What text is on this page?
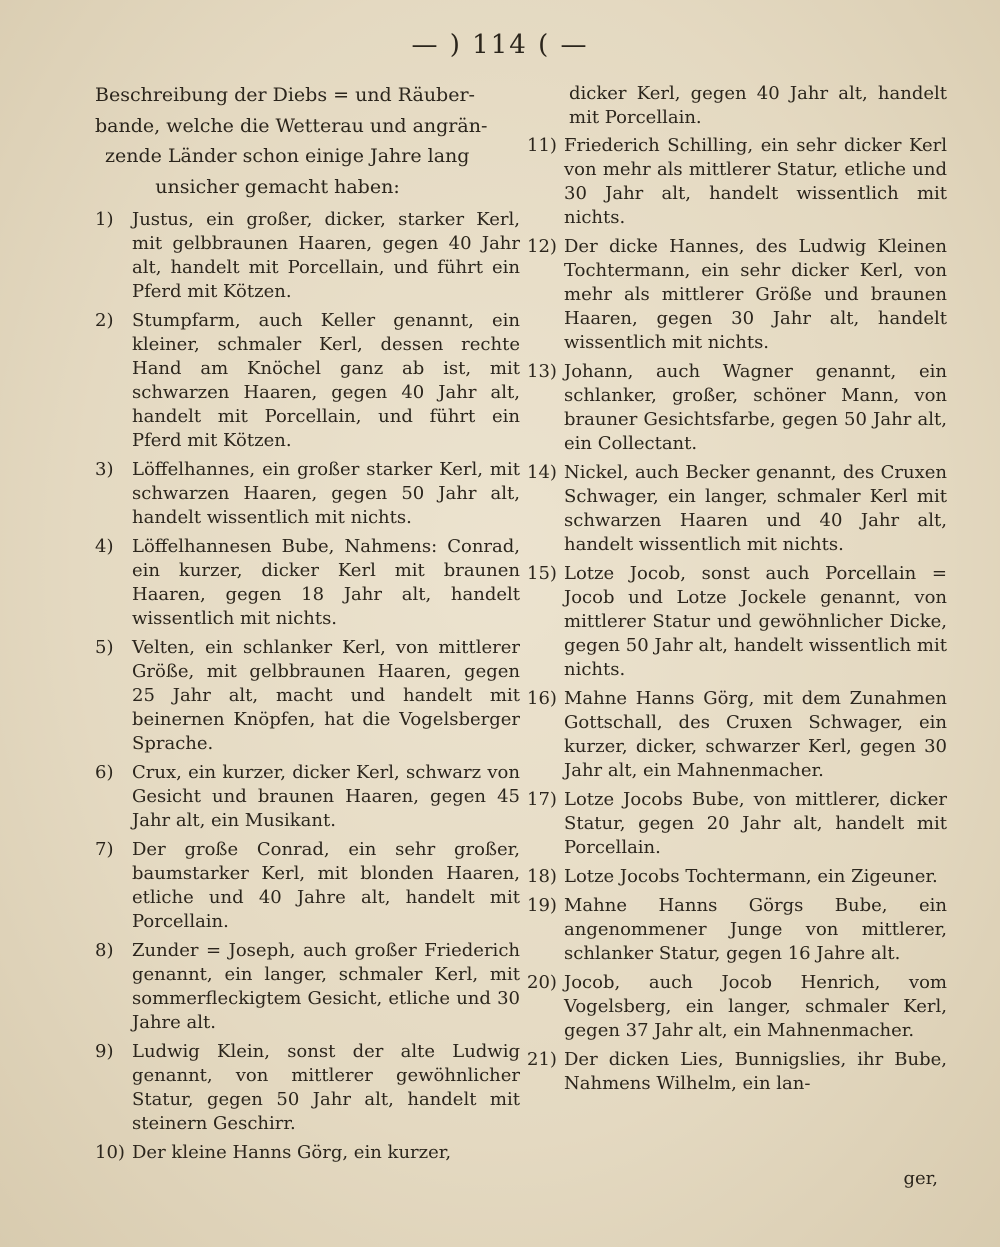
— ) 114 ( —
Beschreibung der Diebs = und Räuber-
bande, welche die Wetterau und angrän-
zende Länder schon einige Jahre lang
unsicher gemacht haben:
1)	Justus, ein großer, dicker, starker Kerl, mit gelbbraunen Haaren, gegen 40 Jahr alt, handelt mit Porcellain, und führt ein Pferd mit Kötzen.
2)	Stumpfarm, auch Keller genannt, ein kleiner, schmaler Kerl, dessen rechte Hand am Knöchel ganz ab ist, mit schwarzen Haaren, gegen 40 Jahr alt, handelt mit Porcellain, und führt ein Pferd mit Kötzen.
3)	Löffelhannes, ein großer starker Kerl, mit schwarzen Haaren, gegen 50 Jahr alt, handelt wissentlich mit nichts.
4)	Löffelhannesen Bube, Nahmens: Conrad, ein kurzer, dicker Kerl mit braunen Haaren, gegen 18 Jahr alt, handelt wissentlich mit nichts.
5)	Velten, ein schlanker Kerl, von mittlerer Größe, mit gelbbraunen Haaren, gegen 25 Jahr alt, macht und handelt mit beinernen Knöpfen, hat die Vogelsberger Sprache.
6)	Crux, ein kurzer, dicker Kerl, schwarz von Gesicht und braunen Haaren, gegen 45 Jahr alt, ein Musikant.
7)	Der große Conrad, ein sehr großer, baumstarker Kerl, mit blonden Haaren, etliche und 40 Jahre alt, handelt mit Porcellain.
8)	Zunder = Joseph, auch großer Friederich genannt, ein langer, schmaler Kerl, mit sommerfleckigtem Gesicht, etliche und 30 Jahre alt.
9)	Ludwig Klein, sonst der alte Ludwig genannt, von mittlerer gewöhnlicher Statur, gegen 50 Jahr alt, handelt mit steinern Geschirr.
10) Der kleine Hanns Görg, ein kurzer,
dicker Kerl, gegen 40 Jahr alt, handelt mit Porcellain.
11) Friederich Schilling, ein sehr dicker Kerl von mehr als mittlerer Statur, etliche und 30 Jahr alt, handelt wissentlich mit nichts.
12) Der dicke Hannes, des Ludwig Kleinen Tochtermann, ein sehr dicker Kerl, von mehr als mittlerer Größe und braunen Haaren, gegen 30 Jahr alt, handelt wissentlich mit nichts.
13) Johann, auch Wagner genannt, ein schlanker, großer, schöner Mann, von brauner Gesichtsfarbe, gegen 50 Jahr alt, ein Collectant.
14) Nickel, auch Becker genannt, des Cruxen Schwager, ein langer, schmaler Kerl mit schwarzen Haaren und 40 Jahr alt, handelt wissentlich mit nichts.
15) Lotze Jocob, sonst auch Porcellain = Jocob und Lotze Jockele genannt, von mittlerer Statur und gewöhnlicher Dicke, gegen 50 Jahr alt, handelt wissentlich mit nichts.
16) Mahne Hanns Görg, mit dem Zunahmen Gottschall, des Cruxen Schwager, ein kurzer, dicker, schwarzer Kerl, gegen 30 Jahr alt, ein Mahnenmacher.
17) Lotze Jocobs Bube, von mittlerer, dicker Statur, gegen 20 Jahr alt, handelt mit Porcellain.
18) Lotze Jocobs Tochtermann, ein Zigeuner.
19) Mahne Hanns Görgs Bube, ein angenommener Junge von mittlerer, schlanker Statur, gegen 16 Jahre alt.
20) Jocob, auch Jocob Henrich, vom Vogelsberg, ein langer, schmaler Kerl, gegen 37 Jahr alt, ein Mahnenmacher.
21) Der dicken Lies, Bunnigslies, ihr Bube, Nahmens Wilhelm, ein lan-
ger,
